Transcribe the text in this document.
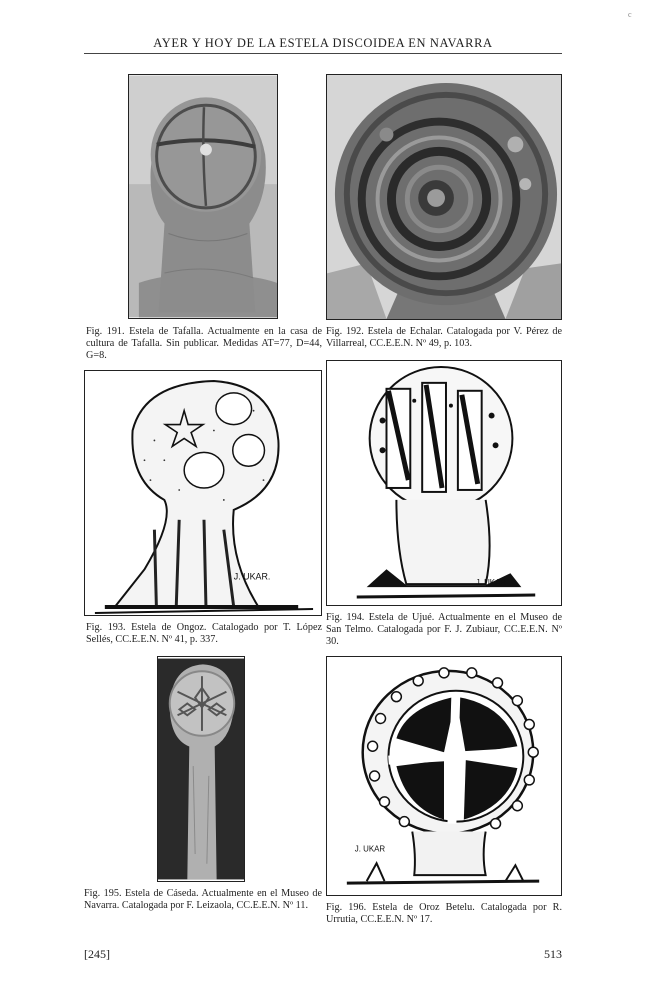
c
AYER Y HOY DE LA ESTELA DISCOIDEA EN NAVARRA
Fig. 191. Estela de Tafalla. Actualmente en la casa de cultura de Tafalla. Sin publicar. Medidas AT=77, D=44, G=8.
Fig. 192. Estela de Echalar. Catalogada por V. Pérez de Villarreal, CC.E.E.N. Nº 49, p. 103.
J. UKAR.
Fig. 193. Estela de Ongoz. Catalogado por T. López Sellés, CC.E.E.N. Nº 41, p. 337.
J. UKAR
Fig. 194. Estela de Ujué. Actualmente en el Museo de San Telmo. Catalogada por F. J. Zubiaur, CC.E.E.N. Nº 30.
Fig. 195. Estela de Cáseda. Actualmente en el Museo de Navarra. Catalogada por F. Leizaola, CC.E.E.N. Nº 11.
J. UKAR
Fig. 196. Estela de Oroz Betelu. Catalogada por R. Urrutia, CC.E.E.N. Nº 17.
[245]	513
